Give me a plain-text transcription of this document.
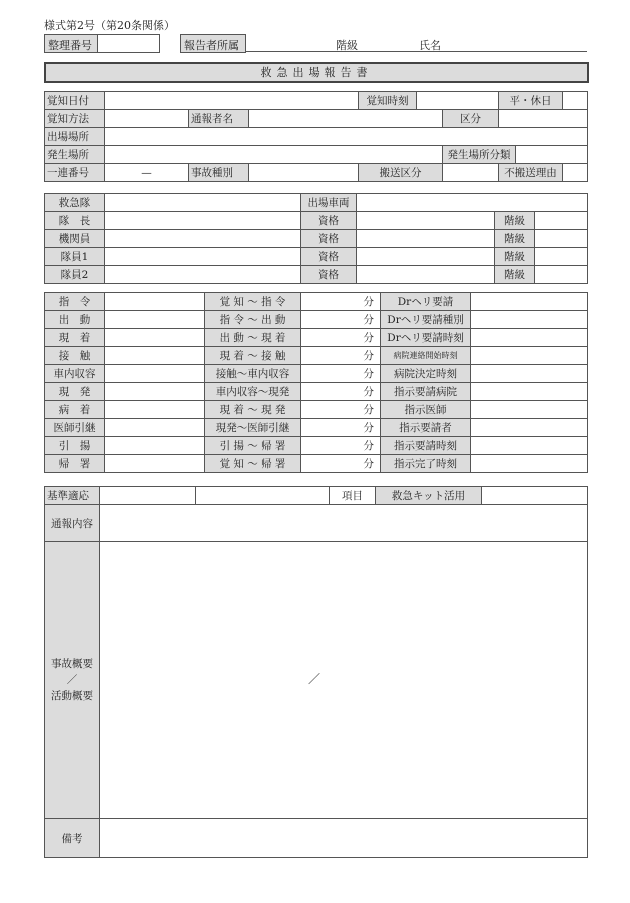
様式第2号（第20条関係）
整理番号	報告者所属	階級	氏名
救急出場報告書
覚知日付				覚知時刻			平・休日		
覚知方法		通報者名				区分			
出場場所									
発生場所						発生場所分類			
一連番号	—	事故種別		搬送区分			不搬送理由		
救急隊		出場車両			
隊　長		資格		階級	
機関員		資格		階級	
隊員1		資格		階級	
隊員2		資格		階級	
指　令		覚 知 ～ 指 令	分	Drヘリ要請	
出　動		指 令 ～ 出 動	分	Drヘリ要請種別	
現　着		出 動 ～ 現 着	分	Drヘリ要請時刻	
接　触		現 着 ～ 接 触	分	病院連絡開始時刻	
車内収容		接触～車内収容	分	病院決定時刻	
現　発		車内収容～現発	分	指示要請病院	
病　着		現 着 ～ 現 発	分	指示医師	
医師引継		現発～医師引継	分	指示要請者	
引　揚		引 揚 ～ 帰 署	分	指示要請時刻	
帰　署		覚 知 ～ 帰 署	分	指示完了時刻	
基準適応			項目	救急キット活用	
通報内容					

事故概要
／
活動概要	／				

備考					
